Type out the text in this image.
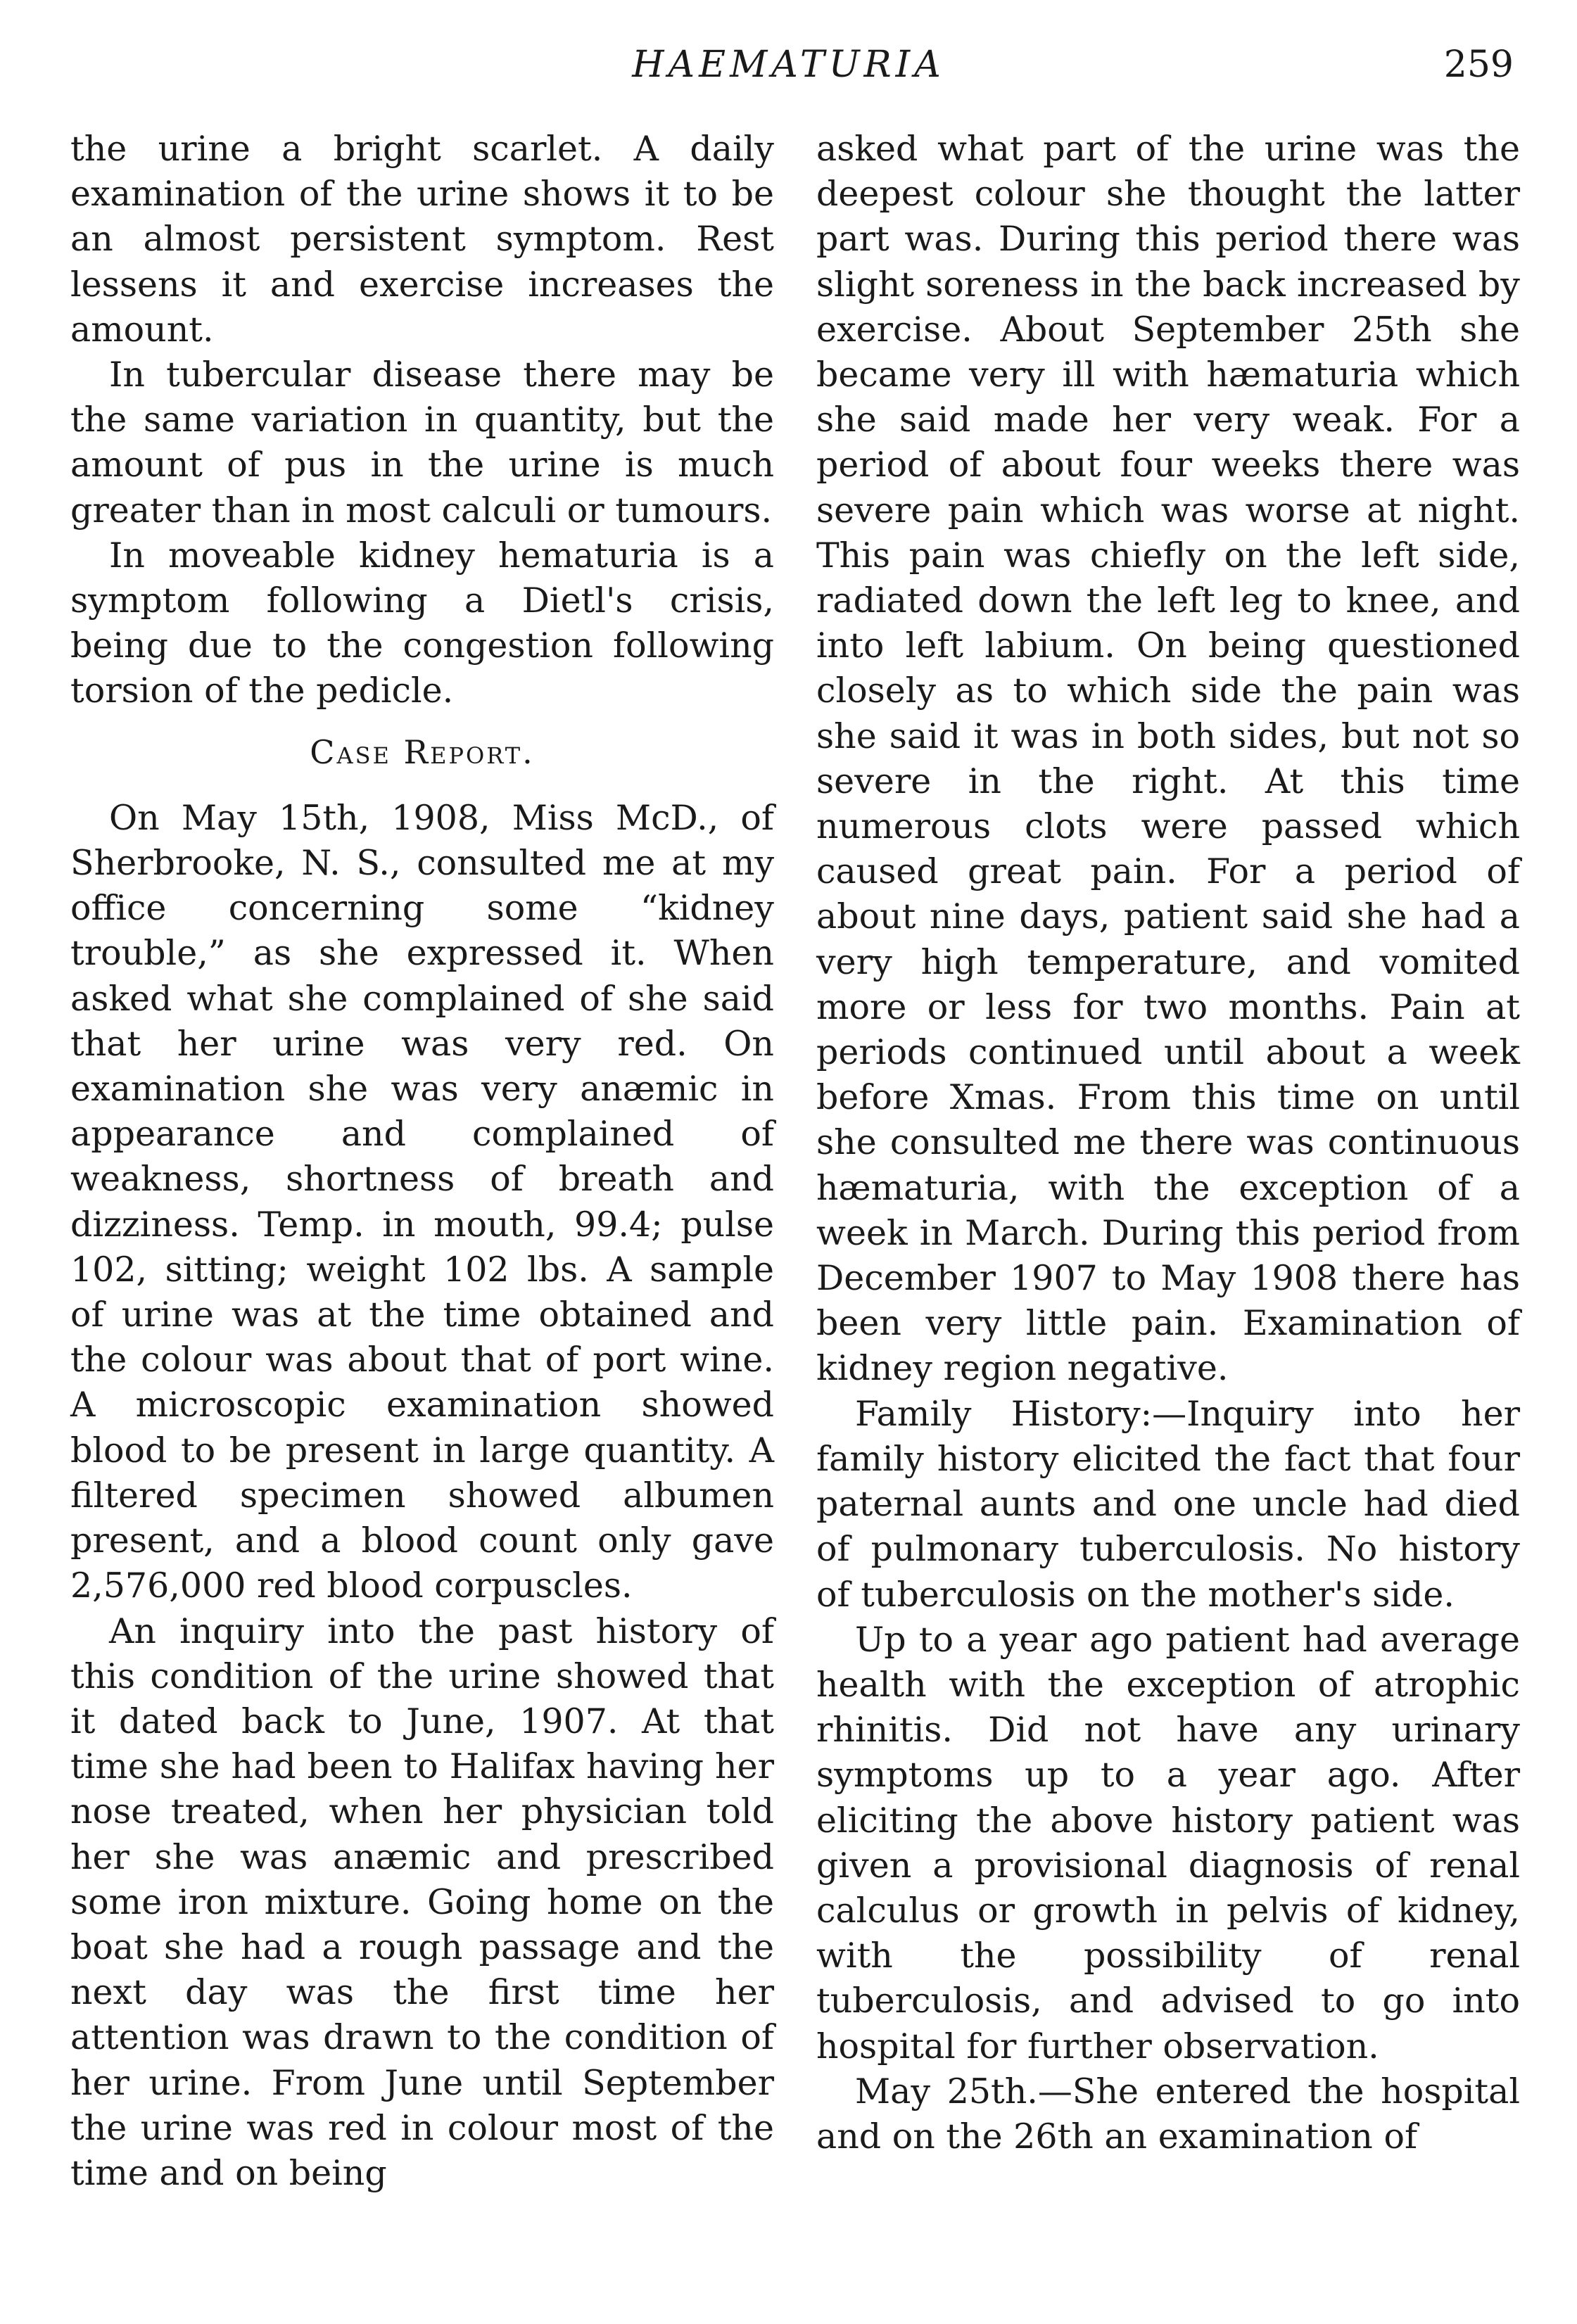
HAEMATURIA	259

the urine a bright scarlet. A daily examination of the urine shows it to be an almost persistent symptom. Rest lessens it and exercise increases the amount.

In tubercular disease there may be the same variation in quantity, but the amount of pus in the urine is much greater than in most calculi or tumours.

In moveable kidney hematuria is a symptom following a Dietl's crisis, being due to the congestion following torsion of the pedicle.

Case Report.

On May 15th, 1908, Miss McD., of Sherbrooke, N. S., consulted me at my office concerning some “kidney trouble,” as she expressed it. When asked what she complained of she said that her urine was very red. On examination she was very anæmic in appearance and complained of weakness, shortness of breath and dizziness. Temp. in mouth, 99.4; pulse 102, sitting; weight 102 lbs. A sample of urine was at the time obtained and the colour was about that of port wine. A microscopic examination showed blood to be present in large quantity. A filtered specimen showed albumen present, and a blood count only gave 2,576,000 red blood corpuscles.

An inquiry into the past history of this condition of the urine showed that it dated back to June, 1907. At that time she had been to Halifax having her nose treated, when her physician told her she was anæmic and prescribed some iron mixture. Going home on the boat she had a rough passage and the next day was the first time her attention was drawn to the condition of her urine. From June until September the urine was red in colour most of the time and on being

asked what part of the urine was the deepest colour she thought the latter part was. During this period there was slight soreness in the back increased by exercise. About September 25th she became very ill with hæmaturia which she said made her very weak. For a period of about four weeks there was severe pain which was worse at night. This pain was chiefly on the left side, radiated down the left leg to knee, and into left labium. On being questioned closely as to which side the pain was she said it was in both sides, but not so severe in the right. At this time numerous clots were passed which caused great pain. For a period of about nine days, patient said she had a very high temperature, and vomited more or less for two months. Pain at periods continued until about a week before Xmas. From this time on until she consulted me there was continuous hæmaturia, with the exception of a week in March. During this period from December 1907 to May 1908 there has been very little pain. Examination of kidney region negative.

Family History:—Inquiry into her family history elicited the fact that four paternal aunts and one uncle had died of pulmonary tuberculosis. No history of tuberculosis on the mother's side.

Up to a year ago patient had average health with the exception of atrophic rhinitis. Did not have any urinary symptoms up to a year ago. After eliciting the above history patient was given a provisional diagnosis of renal calculus or growth in pelvis of kidney, with the possibility of renal tuberculosis, and advised to go into hospital for further observation.

May 25th.—She entered the hospital and on the 26th an examination of
